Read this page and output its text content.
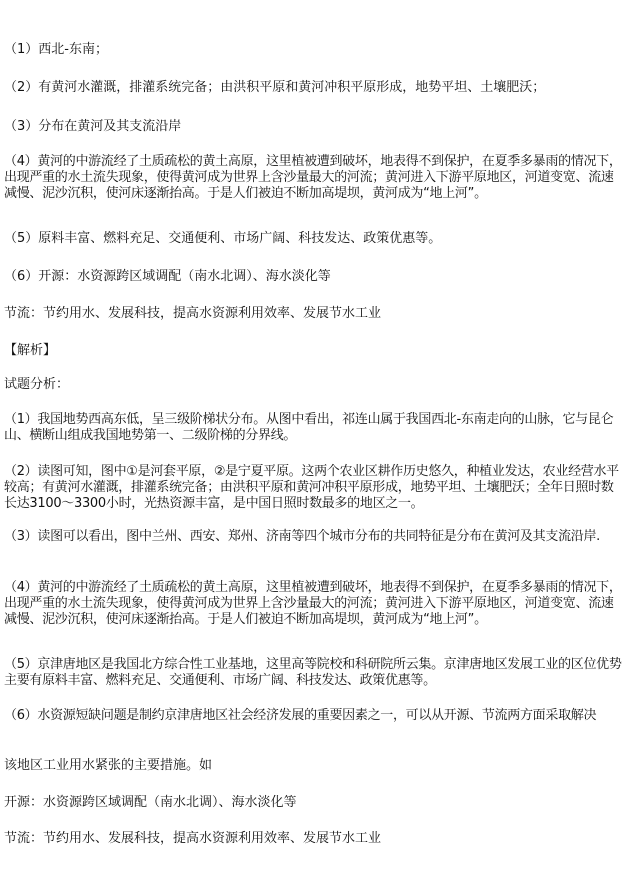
（1）西北-东南；
（2）有黄河水灌溉，排灌系统完备；由洪积平原和黄河冲积平原形成，地势平坦、土壤肥沃；
（3）分布在黄河及其支流沿岸
（4）黄河的中游流经了土质疏松的黄土高原，这里植被遭到破坏，地表得不到保护，在夏季多暴雨的情况下，出现严重的水土流失现象，使得黄河成为世界上含沙量最大的河流；黄河进入下游平原地区，河道变宽、流速减慢、泥沙沉积，使河床逐渐抬高。于是人们被迫不断加高堤坝，黄河成为“地上河”。
（5）原料丰富、燃料充足、交通便利、市场广阔、科技发达、政策优惠等。
（6）开源：水资源跨区域调配（南水北调）、海水淡化等
节流：节约用水、发展科技，提高水资源利用效率、发展节水工业
【解析】
试题分析：
（1）我国地势西高东低，呈三级阶梯状分布。从图中看出，祁连山属于我国西北-东南走向的山脉，它与昆仑山、横断山组成我国地势第一、二级阶梯的分界线。
（2）读图可知，图中①是河套平原，②是宁夏平原。这两个农业区耕作历史悠久，种植业发达，农业经营水平较高；有黄河水灌溉，排灌系统完备；由洪积平原和黄河冲积平原形成，地势平坦、土壤肥沃；全年日照时数长达3100～3300小时，光热资源丰富，是中国日照时数最多的地区之一。
（3）读图可以看出，图中兰州、西安、郑州、济南等四个城市分布的共同特征是分布在黄河及其支流沿岸.
（4）黄河的中游流经了土质疏松的黄土高原，这里植被遭到破坏，地表得不到保护，在夏季多暴雨的情况下，出现严重的水土流失现象，使得黄河成为世界上含沙量最大的河流；黄河进入下游平原地区，河道变宽、流速减慢、泥沙沉积，使河床逐渐抬高。于是人们被迫不断加高堤坝，黄河成为“地上河”。
（5）京津唐地区是我国北方综合性工业基地，这里高等院校和科研院所云集。京津唐地区发展工业的区位优势主要有原料丰富、燃料充足、交通便利、市场广阔、科技发达、政策优惠等。
（6）水资源短缺问题是制约京津唐地区社会经济发展的重要因素之一，可以从开源、节流两方面采取解决
该地区工业用水紧张的主要措施。如
开源：水资源跨区域调配（南水北调）、海水淡化等
节流：节约用水、发展科技，提高水资源利用效率、发展节水工业
